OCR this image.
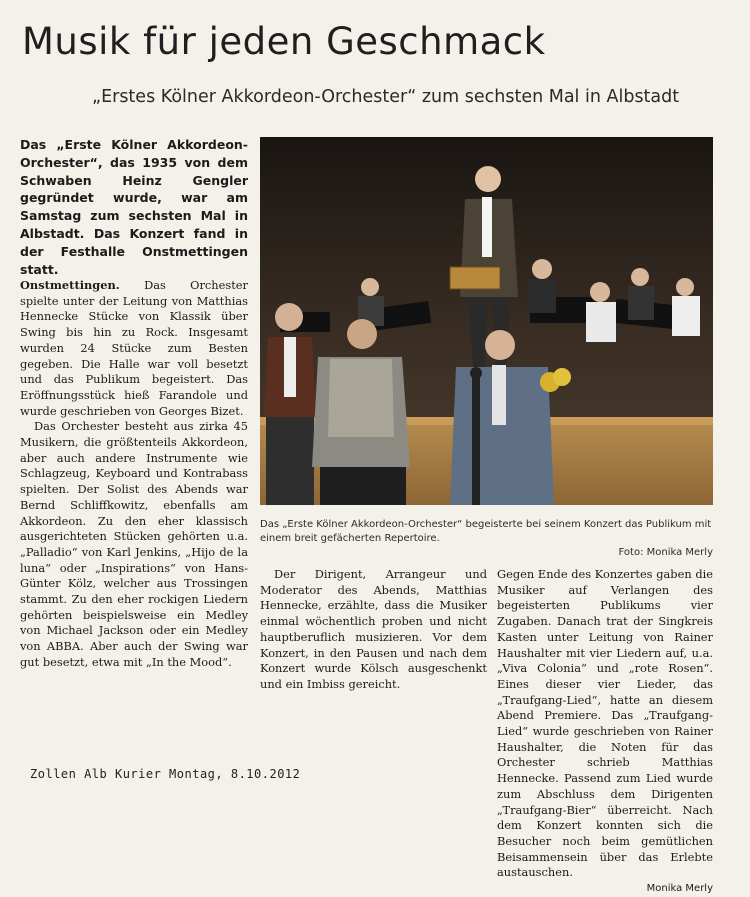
Musik für jeden Geschmack
„Erstes Kölner Akkordeon-Orchester“ zum sechsten Mal in Albstadt

Das „Erste Kölner Akkordeon-Orchester“, das 1935 von dem Schwaben Heinz Gengler gegründet wurde, war am Samstag zum sechsten Mal in Albstadt. Das Konzert fand in der Festhalle Onstmettingen statt.

Das „Erste Kölner Akkordeon-Orchester“ begeisterte bei seinem Konzert das Publikum mit einem breit gefächerten Repertoire.
Foto: Monika Merly

Onstmettingen. Das Orchester spielte unter der Leitung von Matthias Hennecke Stücke von Klassik über Swing bis hin zu Rock. Insgesamt wurden 24 Stücke zum Besten gegeben. Die Halle war voll besetzt und das Publikum begeistert. Das Eröffnungsstück hieß Farandole und wurde geschrieben von Georges Bizet.

Das Orchester besteht aus zirka 45 Musikern, die größtenteils Akkordeon, aber auch andere Instrumente wie Schlagzeug, Keyboard und Kontrabass spielten. Der Solist des Abends war Bernd Schliffkowitz, ebenfalls am Akkordeon. Zu den eher klassisch ausgerichteten Stücken gehörten u.a. „Palladio“ von Karl Jenkins, „Hijo de la luna“ oder „Inspirations“ von Hans-Günter Kölz, welcher aus Trossingen stammt. Zu den eher rockigen Liedern gehörten beispielsweise ein Medley von Michael Jackson oder ein Medley von ABBA. Aber auch der Swing war gut besetzt, etwa mit „In the Mood“.

Der Dirigent, Arrangeur und Moderator des Abends, Matthias Hennecke, erzählte, dass die Musiker einmal wöchentlich proben und nicht hauptberuflich musizieren. Vor dem Konzert, in den Pausen und nach dem Konzert wurde Kölsch ausgeschenkt und ein Imbiss gereicht.

Gegen Ende des Konzertes gaben die Musiker auf Verlangen des begeisterten Publikums vier Zugaben. Danach trat der Singkreis Kasten unter Leitung von Rainer Haushalter mit vier Liedern auf, u.a. „Viva Colonia“ und „rote Rosen“. Eines dieser vier Lieder, das „Traufgang-Lied“, hatte an diesem Abend Premiere. Das „Traufgang-Lied“ wurde geschrieben von Rainer Haushalter, die Noten für das Orchester schrieb Matthias Hennecke. Passend zum Lied wurde zum Abschluss dem Dirigenten „Traufgang-Bier“ überreicht. Nach dem Konzert konnten sich die Besucher noch beim gemütlichen Beisammensein über das Erlebte austauschen.

Monika Merly
Zollen Alb Kurier Montag, 8.10.2012
